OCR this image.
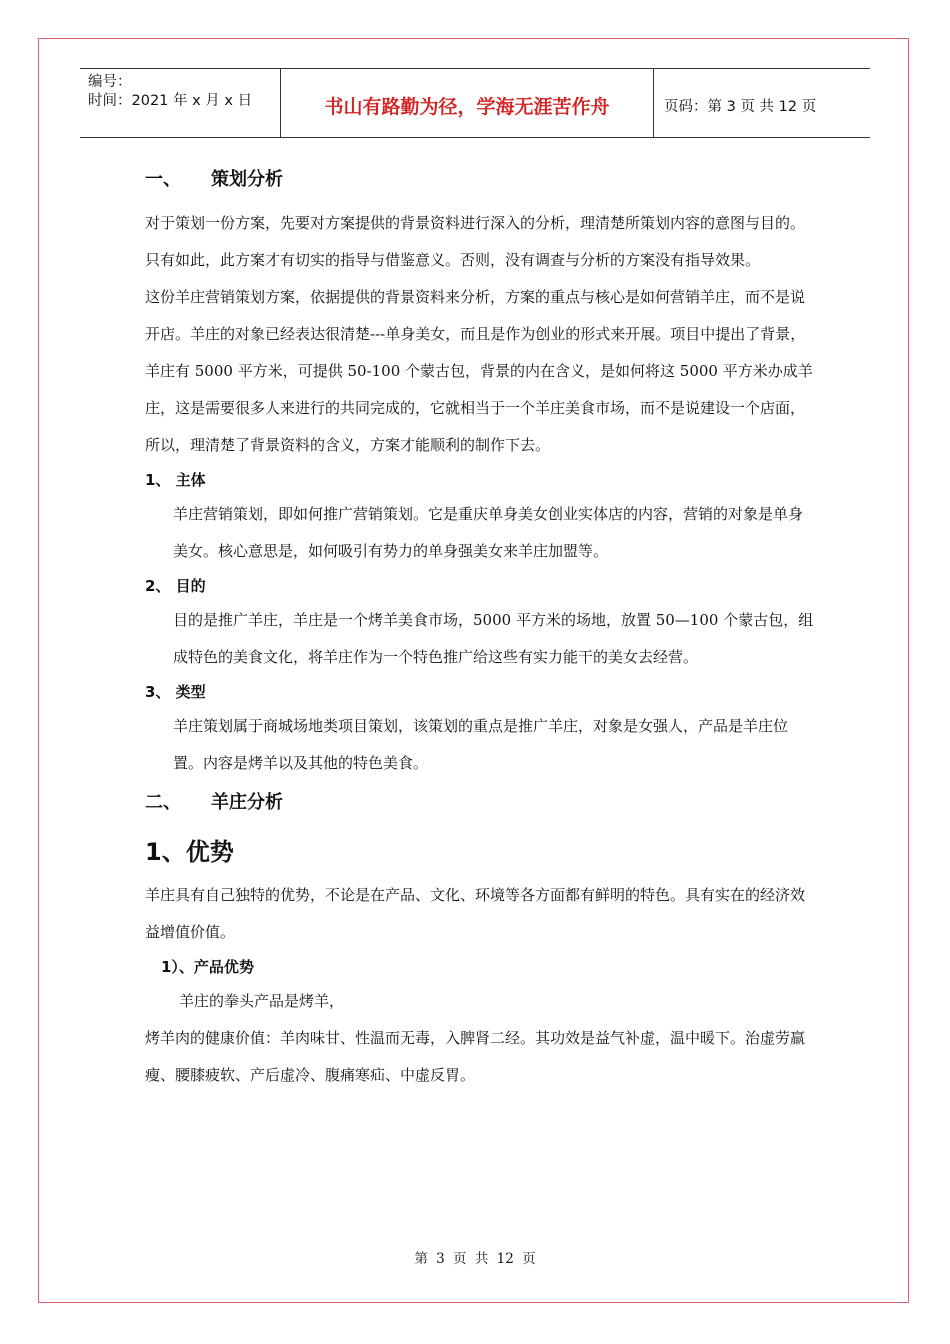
编号：
时间：2021 年 x 月 x 日	书山有路勤为径，学海无涯苦作舟	页码：第 3 页 共 12 页
一、	策划分析

对于策划一份方案，先要对方案提供的背景资料进行深入的分析，理清楚所策划内容的意图与目的。只有如此，此方案才有切实的指导与借鉴意义。否则，没有调查与分析的方案没有指导效果。

这份羊庄营销策划方案，依据提供的背景资料来分析，方案的重点与核心是如何营销羊庄，而不是说开店。羊庄的对象已经表达很清楚---单身美女，而且是作为创业的形式来开展。项目中提出了背景，羊庄有 5000 平方米，可提供 50-100 个蒙古包，背景的内在含义，是如何将这 5000 平方米办成羊庄，这是需要很多人来进行的共同完成的，它就相当于一个羊庄美食市场，而不是说建设一个店面，所以，理清楚了背景资料的含义，方案才能顺利的制作下去。

1、 主体

羊庄营销策划，即如何推广营销策划。它是重庆单身美女创业实体店的内容，营销的对象是单身美女。核心意思是，如何吸引有势力的单身强美女来羊庄加盟等。

2、 目的

目的是推广羊庄，羊庄是一个烤羊美食市场，5000 平方米的场地，放置 50—100 个蒙古包，组成特色的美食文化，将羊庄作为一个特色推广给这些有实力能干的美女去经营。

3、 类型

羊庄策划属于商城场地类项目策划，该策划的重点是推广羊庄，对象是女强人，产品是羊庄位置。内容是烤羊以及其他的特色美食。

二、	羊庄分析
1、优势

羊庄具有自己独特的优势，不论是在产品、文化、环境等各方面都有鲜明的特色。具有实在的经济效益增值价值。

1）、产品优势

羊庄的拳头产品是烤羊，

烤羊肉的健康价值：羊肉味甘、性温而无毒，入脾肾二经。其功效是益气补虚，温中暖下。治虚劳羸瘦、腰膝疲软、产后虚冷、腹痛寒疝、中虚反胃。

第 3 页 共 12 页
